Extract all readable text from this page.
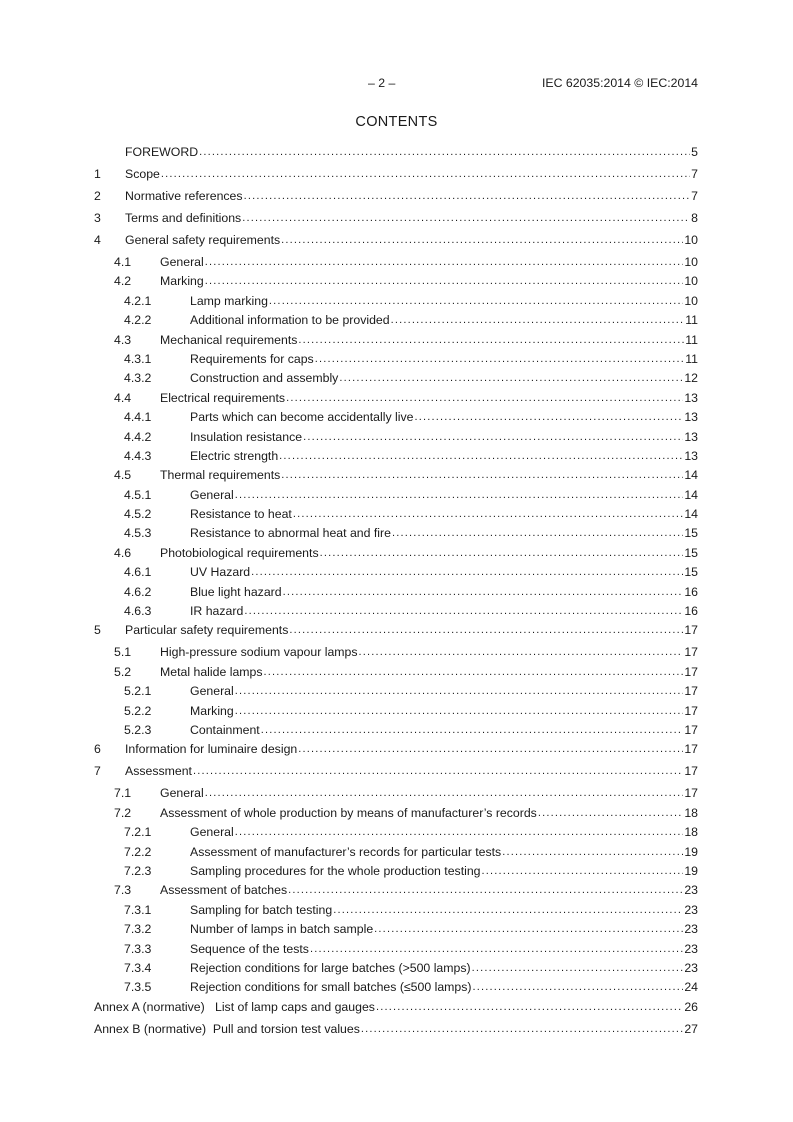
– 2 –	IEC 62035:2014 © IEC:2014
CONTENTS
FOREWORD .....	5
1	Scope .....	7
2	Normative references .....	7
3	Terms and definitions .....	8
4	General safety requirements .....	10
4.1	General .....	10
4.2	Marking .....	10
4.2.1	Lamp marking .....	10
4.2.2	Additional information to be provided .....	11
4.3	Mechanical requirements .....	11
4.3.1	Requirements for caps .....	11
4.3.2	Construction and assembly .....	12
4.4	Electrical requirements .....	13
4.4.1	Parts which can become accidentally live .....	13
4.4.2	Insulation resistance .....	13
4.4.3	Electric strength .....	13
4.5	Thermal requirements .....	14
4.5.1	General .....	14
4.5.2	Resistance to heat .....	14
4.5.3	Resistance to abnormal heat and fire .....	15
4.6	Photobiological requirements .....	15
4.6.1	UV Hazard .....	15
4.6.2	Blue light hazard .....	16
4.6.3	IR hazard .....	16
5	Particular safety requirements .....	17
5.1	High-pressure sodium vapour lamps .....	17
5.2	Metal halide lamps .....	17
5.2.1	General .....	17
5.2.2	Marking .....	17
5.2.3	Containment .....	17
6	Information for luminaire design .....	17
7	Assessment .....	17
7.1	General .....	17
7.2	Assessment of whole production by means of manufacturer’s records .....	18
7.2.1	General .....	18
7.2.2	Assessment of manufacturer’s records for particular tests .....	19
7.2.3	Sampling procedures for the whole production testing .....	19
7.3	Assessment of batches .....	23
7.3.1	Sampling for batch testing .....	23
7.3.2	Number of lamps in batch sample .....	23
7.3.3	Sequence of the tests .....	23
7.3.4	Rejection conditions for large batches (>500 lamps) .....	23
7.3.5	Rejection conditions for small batches (≤500 lamps) .....	24
Annex A (normative)   List of lamp caps and gauges .....	26
Annex B (normative)  Pull and torsion test values .....	27
